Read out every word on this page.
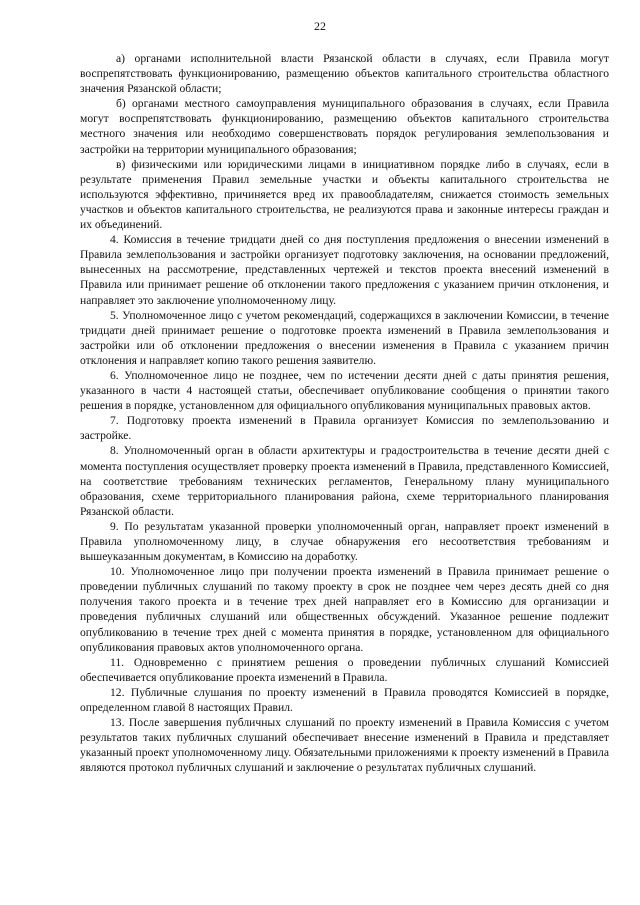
22

а) органами исполнительной власти Рязанской области в случаях, если Правила могут воспрепятствовать функционированию, размещению объектов капитального строительства областного значения Рязанской области;

б) органами местного самоуправления муниципального образования в случаях, если Правила могут воспрепятствовать функционированию, размещению объектов капитального строительства местного значения или необходимо совершенствовать порядок регулирования землепользования и застройки на территории муниципального образования;

в) физическими или юридическими лицами в инициативном порядке либо в случаях, если в результате применения Правил земельные участки и объекты капитального строительства не используются эффективно, причиняется вред их правообладателям, снижается стоимость земельных участков и объектов капитального строительства, не реализуются права и законные интересы граждан и их объединений.

4. Комиссия в течение тридцати дней со дня поступления предложения о внесении изменений в Правила землепользования и застройки организует подготовку заключения, на основании предложений, вынесенных на рассмотрение, представленных чертежей и текстов проекта внесений изменений в Правила или принимает решение об отклонении такого предложения с указанием причин отклонения, и направляет это заключение уполномоченному лицу.

5. Уполномоченное лицо с учетом рекомендаций, содержащихся в заключении Комиссии, в течение тридцати дней принимает решение о подготовке проекта изменений в Правила землепользования и застройки или об отклонении предложения о внесении изменения в Правила с указанием причин отклонения и направляет копию такого решения заявителю.

6. Уполномоченное лицо не позднее, чем по истечении десяти дней с даты принятия решения, указанного в части 4 настоящей статьи, обеспечивает опубликование сообщения о принятии такого решения в порядке, установленном для официального опубликования муниципальных правовых актов.

7. Подготовку проекта изменений в Правила организует Комиссия по землепользованию и застройке.

8. Уполномоченный орган в области архитектуры и градостроительства в течение десяти дней с момента поступления осуществляет проверку проекта изменений в Правила, представленного Комиссией, на соответствие требованиям технических регламентов, Генеральному плану муниципального образования, схеме территориального планирования района, схеме территориального планирования Рязанской области.

9. По результатам указанной проверки уполномоченный орган, направляет проект изменений в Правила уполномоченному лицу, в случае обнаружения его несоответствия требованиям и вышеуказанным документам, в Комиссию на доработку.

10. Уполномоченное лицо при получении проекта изменений в Правила принимает решение о проведении публичных слушаний по такому проекту в срок не позднее чем через десять дней со дня получения такого проекта и в течение трех дней направляет его в Комиссию для организации и проведения публичных слушаний или общественных обсуждений. Указанное решение подлежит опубликованию в течение трех дней с момента принятия в порядке, установленном для официального опубликования правовых актов уполномоченного органа.

11. Одновременно с принятием решения о проведении публичных слушаний Комиссией обеспечивается опубликование проекта изменений в Правила.

12. Публичные слушания по проекту изменений в Правила проводятся Комиссией в порядке, определенном главой 8 настоящих Правил.

13. После завершения публичных слушаний по проекту изменений в Правила Комиссия с учетом результатов таких публичных слушаний обеспечивает внесение изменений в Правила и представляет указанный проект уполномоченному лицу. Обязательными приложениями к проекту изменений в Правила являются протокол публичных слушаний и заключение о результатах публичных слушаний.
